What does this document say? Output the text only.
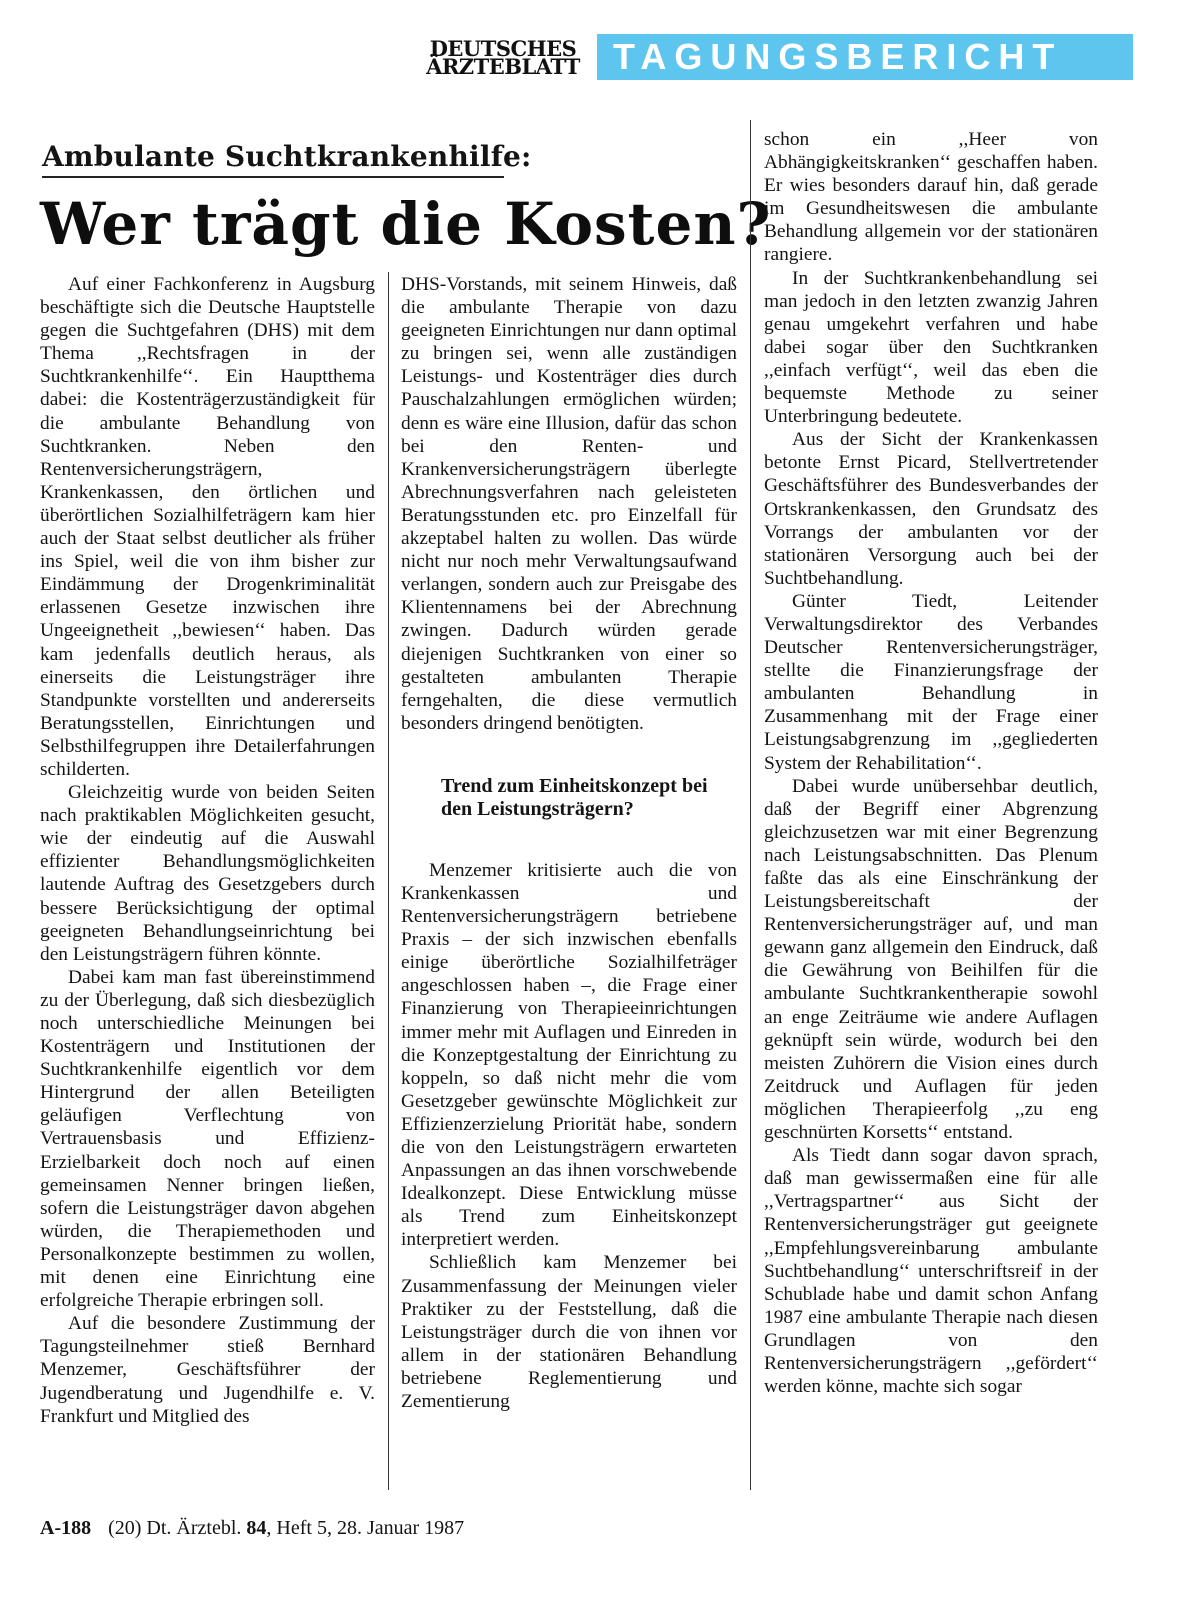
DEUTSCHES
ÄRZTEBLATT TAGUNGSBERICHT
Ambulante Suchtkrankenhilfe:
Wer trägt die Kosten?

Auf einer Fachkonferenz in Augsburg beschäftigte sich die Deutsche Hauptstelle gegen die Suchtgefahren (DHS) mit dem Thema ,,Rechtsfragen in der Suchtkrankenhilfe‘‘. Ein Hauptthema dabei: die Kostenträgerzuständigkeit für die ambulante Behandlung von Suchtkranken. Neben den Rentenversicherungsträgern, Krankenkassen, den örtlichen und überörtlichen Sozialhilfeträgern kam hier auch der Staat selbst deutlicher als früher ins Spiel, weil die von ihm bisher zur Eindämmung der Drogenkriminalität erlassenen Gesetze inzwischen ihre Ungeeignetheit ,,bewiesen‘‘ haben. Das kam jedenfalls deutlich heraus, als einerseits die Leistungsträger ihre Standpunkte vorstellten und andererseits Beratungsstellen, Einrichtungen und Selbsthilfegruppen ihre Detailerfahrungen schilderten.

Gleichzeitig wurde von beiden Seiten nach praktikablen Möglichkeiten gesucht, wie der eindeutig auf die Auswahl effizienter Behandlungsmöglichkeiten lautende Auftrag des Gesetzgebers durch bessere Berücksichtigung der optimal geeigneten Behandlungseinrichtung bei den Leistungsträgern führen könnte.

Dabei kam man fast übereinstimmend zu der Überlegung, daß sich diesbezüglich noch unterschiedliche Meinungen bei Kostenträgern und Institutionen der Suchtkrankenhilfe eigentlich vor dem Hintergrund der allen Beteiligten geläufigen Verflechtung von Vertrauensbasis und Effizienz-Erzielbarkeit doch noch auf einen gemeinsamen Nenner bringen ließen, sofern die Leistungsträger davon abgehen würden, die Therapiemethoden und Personalkonzepte bestimmen zu wollen, mit denen eine Einrichtung eine erfolgreiche Therapie erbringen soll.

Auf die besondere Zustimmung der Tagungsteilnehmer stieß Bernhard Menzemer, Geschäftsführer der Jugendberatung und Jugendhilfe e. V. Frankfurt und Mitglied des

DHS-Vorstands, mit seinem Hinweis, daß die ambulante Therapie von dazu geeigneten Einrichtungen nur dann optimal zu bringen sei, wenn alle zuständigen Leistungs- und Kostenträger dies durch Pauschalzahlungen ermöglichen würden; denn es wäre eine Illusion, dafür das schon bei den Renten- und Krankenversicherungsträgern überlegte Abrechnungsverfahren nach geleisteten Beratungsstunden etc. pro Einzelfall für akzeptabel halten zu wollen. Das würde nicht nur noch mehr Verwaltungsaufwand verlangen, sondern auch zur Preisgabe des Klientennamens bei der Abrechnung zwingen. Dadurch würden gerade diejenigen Suchtkranken von einer so gestalteten ambulanten Therapie ferngehalten, die diese vermutlich besonders dringend benötigten.

Trend zum Einheitskonzept bei den Leistungsträgern?

Menzemer kritisierte auch die von Krankenkassen und Rentenversicherungsträgern betriebene Praxis – der sich inzwischen ebenfalls einige überörtliche Sozialhilfeträger angeschlossen haben –, die Frage einer Finanzierung von Therapieeinrichtungen immer mehr mit Auflagen und Einreden in die Konzeptgestaltung der Einrichtung zu koppeln, so daß nicht mehr die vom Gesetzgeber gewünschte Möglichkeit zur Effizienzerzielung Priorität habe, sondern die von den Leistungsträgern erwarteten Anpassungen an das ihnen vorschwebende Idealkonzept. Diese Entwicklung müsse als Trend zum Einheitskonzept interpretiert werden.

Schließlich kam Menzemer bei Zusammenfassung der Meinungen vieler Praktiker zu der Feststellung, daß die Leistungsträger durch die von ihnen vor allem in der stationären Behandlung betriebene Reglementierung und Zementierung

schon ein ,,Heer von Abhängigkeitskranken‘‘ geschaffen haben. Er wies besonders darauf hin, daß gerade im Gesundheitswesen die ambulante Behandlung allgemein vor der stationären rangiere.

In der Suchtkrankenbehandlung sei man jedoch in den letzten zwanzig Jahren genau umgekehrt verfahren und habe dabei sogar über den Suchtkranken ,,einfach verfügt‘‘, weil das eben die bequemste Methode zu seiner Unterbringung bedeutete.

Aus der Sicht der Krankenkassen betonte Ernst Picard, Stellvertretender Geschäftsführer des Bundesverbandes der Ortskrankenkassen, den Grundsatz des Vorrangs der ambulanten vor der stationären Versorgung auch bei der Suchtbehandlung.

Günter Tiedt, Leitender Verwaltungsdirektor des Verbandes Deutscher Rentenversicherungsträger, stellte die Finanzierungsfrage der ambulanten Behandlung in Zusammenhang mit der Frage einer Leistungsabgrenzung im ,,gegliederten System der Rehabilitation‘‘.

Dabei wurde unübersehbar deutlich, daß der Begriff einer Abgrenzung gleichzusetzen war mit einer Begrenzung nach Leistungsabschnitten. Das Plenum faßte das als eine Einschränkung der Leistungsbereitschaft der Rentenversicherungsträger auf, und man gewann ganz allgemein den Eindruck, daß die Gewährung von Beihilfen für die ambulante Suchtkrankentherapie sowohl an enge Zeiträume wie andere Auflagen geknüpft sein würde, wodurch bei den meisten Zuhörern die Vision eines durch Zeitdruck und Auflagen für jeden möglichen Therapieerfolg ,,zu eng geschnürten Korsetts‘‘ entstand.

Als Tiedt dann sogar davon sprach, daß man gewissermaßen eine für alle ,,Vertragspartner‘‘ aus Sicht der Rentenversicherungsträger gut geeignete ,,Empfehlungsvereinbarung ambulante Suchtbehandlung‘‘ unterschriftsreif in der Schublade habe und damit schon Anfang 1987 eine ambulante Therapie nach diesen Grundlagen von den Rentenversicherungsträgern ,,gefördert‘‘ werden könne, machte sich sogar

A-188 (20) Dt. Ärztebl. 84, Heft 5, 28. Januar 1987
